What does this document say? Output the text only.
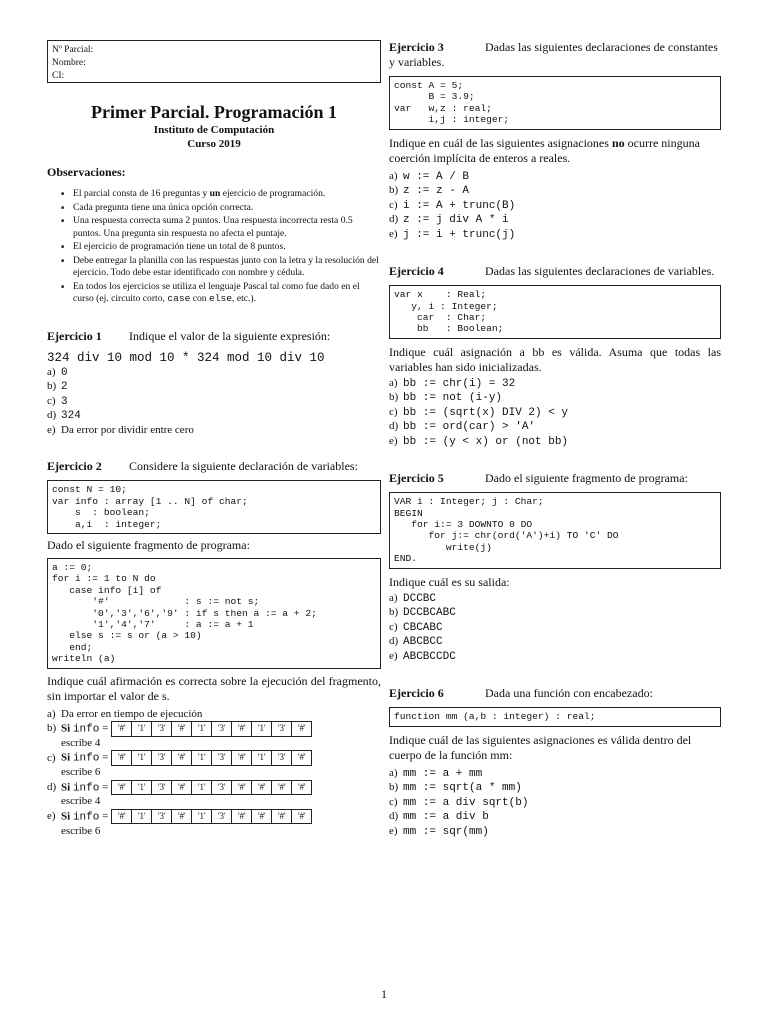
Nº Parcial:
Nombre:
CI:
Primer Parcial. Programación 1
Instituto de Computación
Curso 2019
Observaciones:
■ El parcial consta de 16 preguntas y un ejercicio de programación.
■ Cada pregunta tiene una única opción correcta.
■ Una respuesta correcta suma 2 puntos. Una respuesta incorrecta resta 0.5 puntos. Una pregunta sin respuesta no afecta el puntaje.
■ El ejercicio de programación tiene un total de 8 puntos.
■ Debe entregar la planilla con las respuestas junto con la letra y la resolución del ejercicio. Todo debe estar identificado con nombre y cédula.
■ En todos los ejercicios se utiliza el lenguaje Pascal tal como fue dado en el curso (ej. circuito corto, case con else, etc.).
Ejercicio 1 Indique el valor de la siguiente expresión:
324 div 10 mod 10 * 324 mod 10 div 10
a) 0
b) 2
c) 3
d) 324
e) Da error por dividir entre cero
Ejercicio 2 Considere la siguiente declaración de variables:
const N = 10;
var info : array [1 .. N] of char;
s  : boolean;
a,i  : integer;
Dado el siguiente fragmento de programa:
a := 0;
for i := 1 to N do
case info [i] of
'#'             : s := not s;
'0','3','6','9' : if s then a := a + 2;
'1','4','7'     : a := a + 1
else s := s or (a > 10)
end;
writeln (a)
Indique cuál afirmación es correcta sobre la ejecución del fragmento, sin importar el valor de s.
a) Da error en tiempo de ejecución
b) Si info = '#'	'1'	'3'	'#'	'1'	'3'	'#'	'1'	'3'	'#'
escribe 4
c) Si info = '#'	'1'	'3'	'#'	'1'	'3'	'#'	'1'	'3'	'#'
escribe 6
d) Si info = '#'	'1'	'3'	'#'	'1'	'3'	'#'	'#'	'#'	'#'
escribe 4
e) Si info = '#'	'1'	'3'	'#'	'1'	'3'	'#'	'#'	'#'	'#'
escribe 6
Ejercicio 3	Dadas las siguientes declaraciones de constantes y variables.
const A = 5;
B = 3.9;
var   w,z : real;
i,j : integer;
Indique en cuál de las siguientes asignaciones no ocurre ninguna coerción implícita de enteros a reales.
a) w := A / B
b) z := z - A
c) i := A + trunc(B)
d) z := j div A * i
e) j := i + trunc(j)
Ejercicio 4	Dadas las siguientes declaraciones de variables.
var x    : Real;
y, i : Integer;
car  : Char;
bb   : Boolean;
Indique cuál asignación a bb es válida. Asuma que todas las variables han sido inicializadas.
a) bb := chr(i) = 32
b) bb := not (i-y)
c) bb := (sqrt(x) DIV 2) < y
d) bb := ord(car) > 'A'
e) bb := (y < x) or (not bb)
Ejercicio 5	Dado el siguiente fragmento de programa:
VAR i : Integer; j : Char;
BEGIN
for i:= 3 DOWNTO 0 DO
for j:= chr(ord('A')+i) TO 'C' DO
write(j)
END.
Indique cuál es su salida:
a) DCCBC
b) DCCBCABC
c) CBCABC
d) ABCBCC
e) ABCBCCDC
Ejercicio 6	Dada una función con encabezado:
function mm (a,b : integer) : real;
Indique cuál de las siguientes asignaciones es válida dentro del cuerpo de la función mm:
a) mm := a + mm
b) mm := sqrt(a * mm)
c) mm := a div sqrt(b)
d) mm := a div b
e) mm := sqr(mm)
1
